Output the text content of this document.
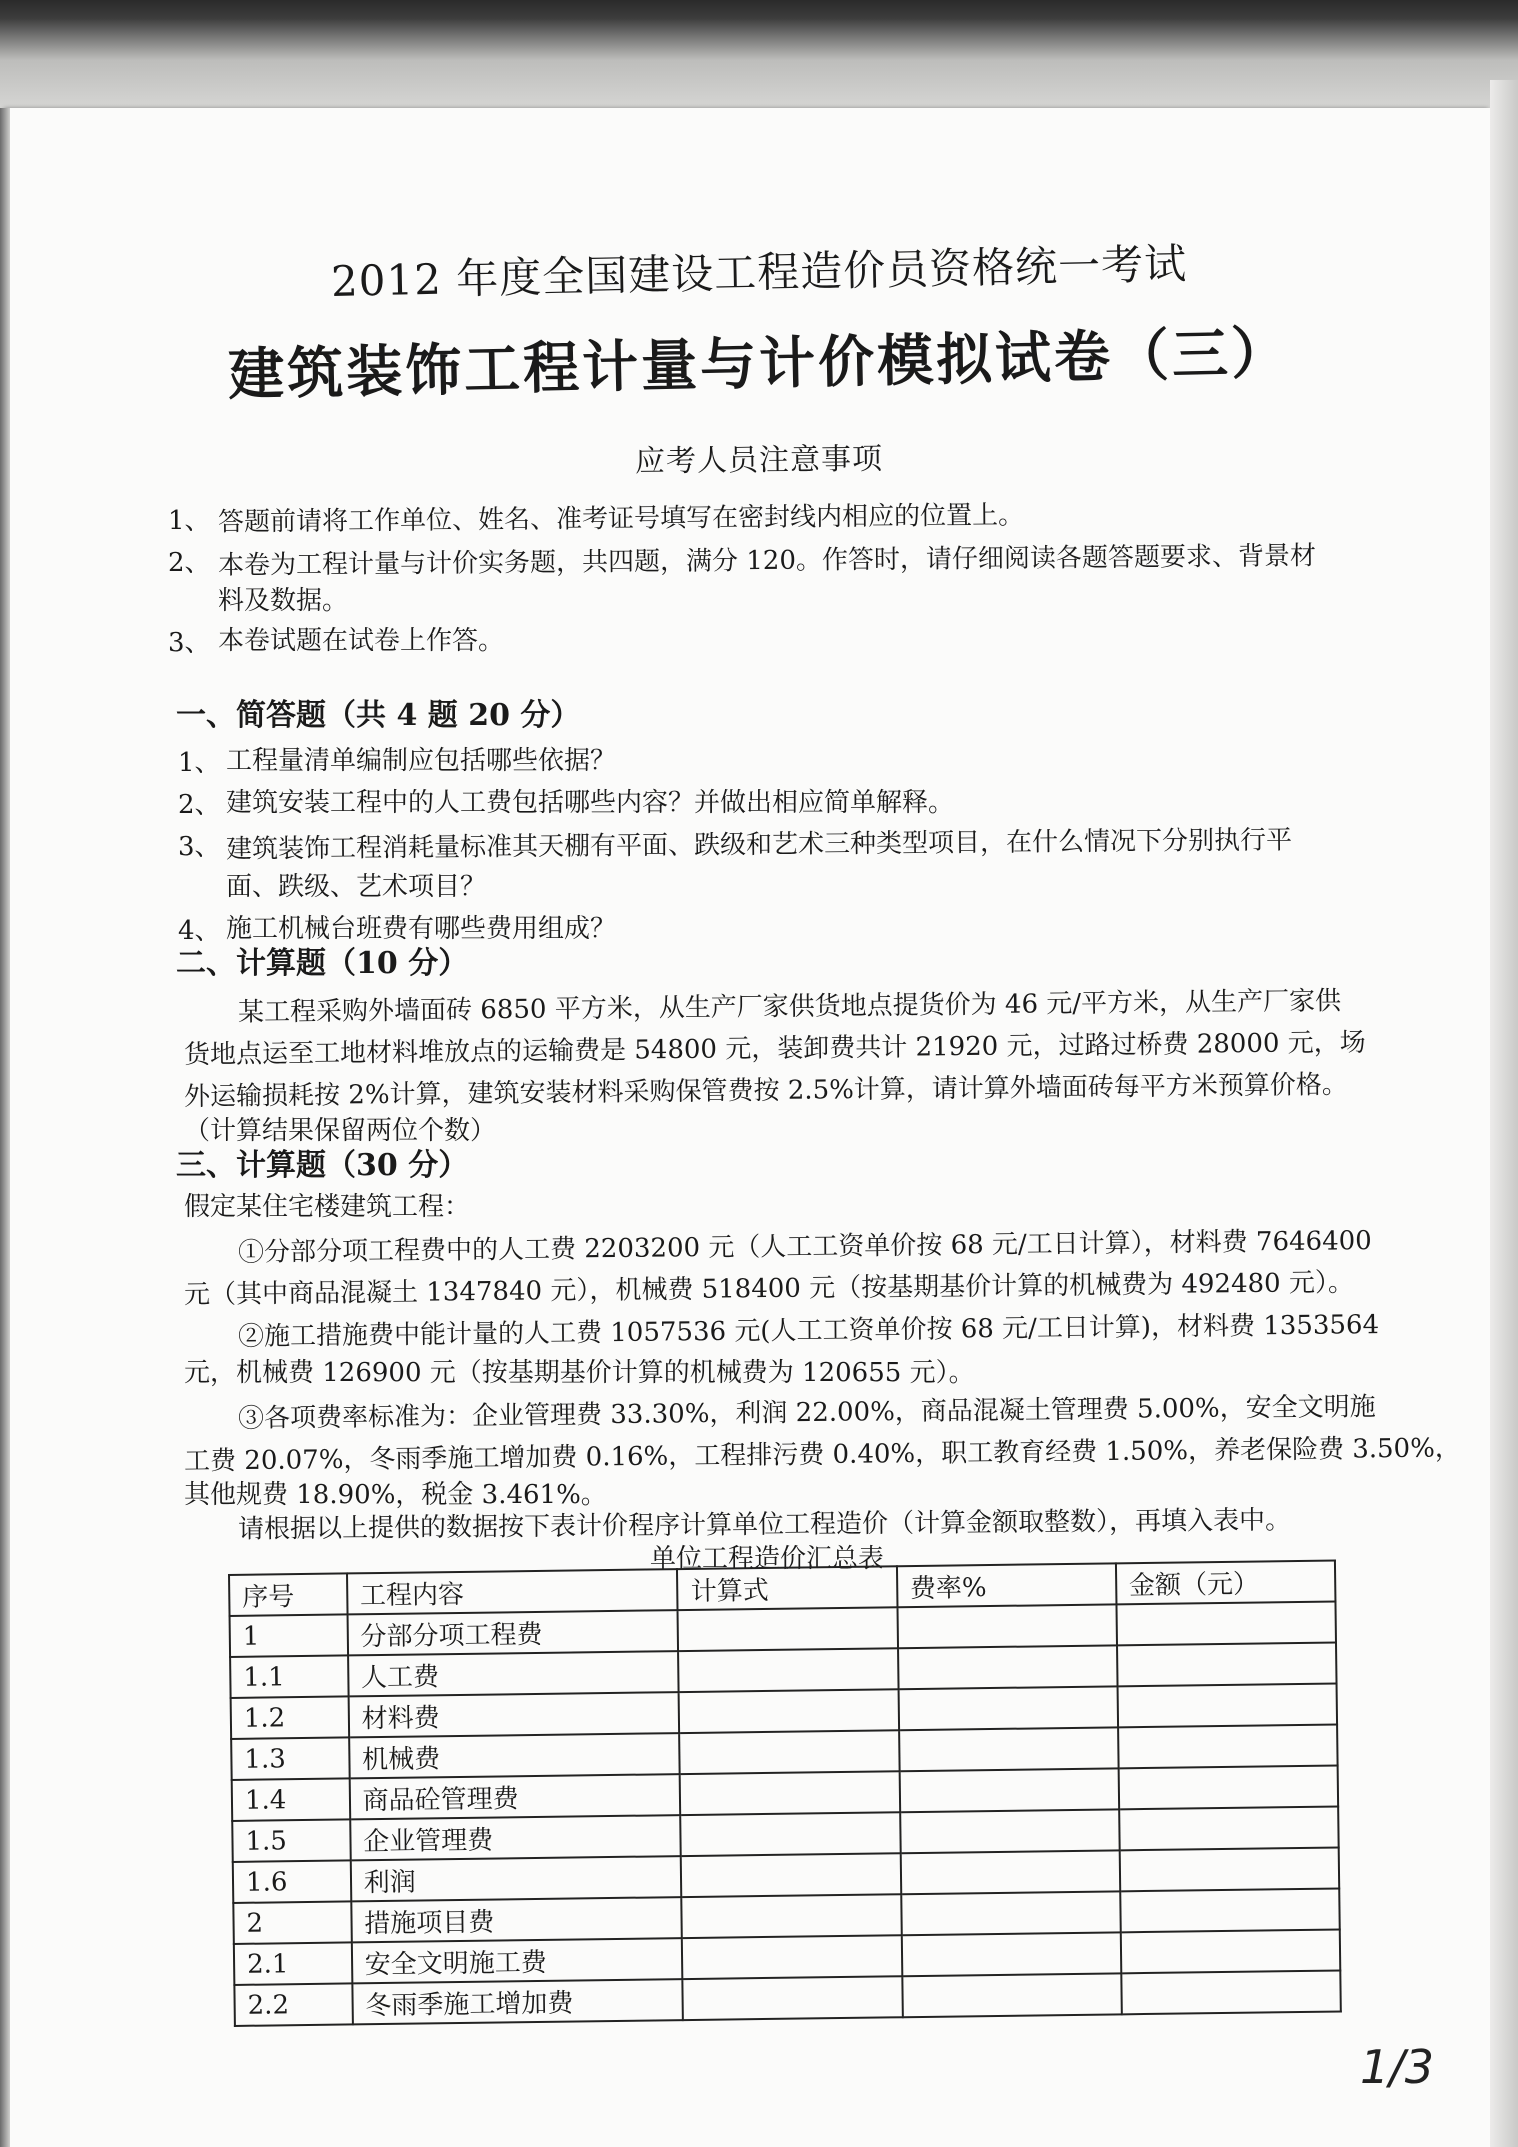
2012 年度全国建设工程造价员资格统一考试
建筑装饰工程计量与计价模拟试卷（三）
应考人员注意事项
1、 答题前请将工作单位、姓名、准考证号填写在密封线内相应的位置上。
2、 本卷为工程计量与计价实务题，共四题，满分 120。作答时，请仔细阅读各题答题要求、背景材
料及数据。
3、 本卷试题在试卷上作答。
一、简答题（共 4 题 20 分）
1、 工程量清单编制应包括哪些依据？
2、 建筑安装工程中的人工费包括哪些内容？并做出相应简单解释。
3、 建筑装饰工程消耗量标准其天棚有平面、跌级和艺术三种类型项目，在什么情况下分别执行平
面、跌级、艺术项目？
4、 施工机械台班费有哪些费用组成？
二、计算题（10 分）
某工程采购外墙面砖 6850 平方米，从生产厂家供货地点提货价为 46 元/平方米，从生产厂家供
货地点运至工地材料堆放点的运输费是 54800 元，装卸费共计 21920 元，过路过桥费 28000 元，场
外运输损耗按 2%计算，建筑安装材料采购保管费按 2.5%计算，请计算外墙面砖每平方米预算价格。
（计算结果保留两位个数）
三、计算题（30 分）
假定某住宅楼建筑工程：
①分部分项工程费中的人工费 2203200 元（人工工资单价按 68 元/工日计算），材料费 7646400
元（其中商品混凝土 1347840 元），机械费 518400 元（按基期基价计算的机械费为 492480 元）。
②施工措施费中能计量的人工费 1057536 元(人工工资单价按 68 元/工日计算)，材料费 1353564
元，机械费 126900 元（按基期基价计算的机械费为 120655 元）。
③各项费率标准为：企业管理费 33.30%，利润 22.00%，商品混凝土管理费 5.00%，安全文明施
工费 20.07%，冬雨季施工增加费 0.16%，工程排污费 0.40%，职工教育经费 1.50%，养老保险费 3.50%，
其他规费 18.90%，税金 3.461%。
请根据以上提供的数据按下表计价程序计算单位工程造价（计算金额取整数），再填入表中。
单位工程造价汇总表
序号	工程内容	计算式	费率%	金额（元）
1	分部分项工程费			
1.1	人工费			
1.2	材料费			
1.3	机械费			
1.4	商品砼管理费			
1.5	企业管理费			
1.6	利润			
2	措施项目费			
2.1	安全文明施工费			
2.2	冬雨季施工增加费			
1/3
